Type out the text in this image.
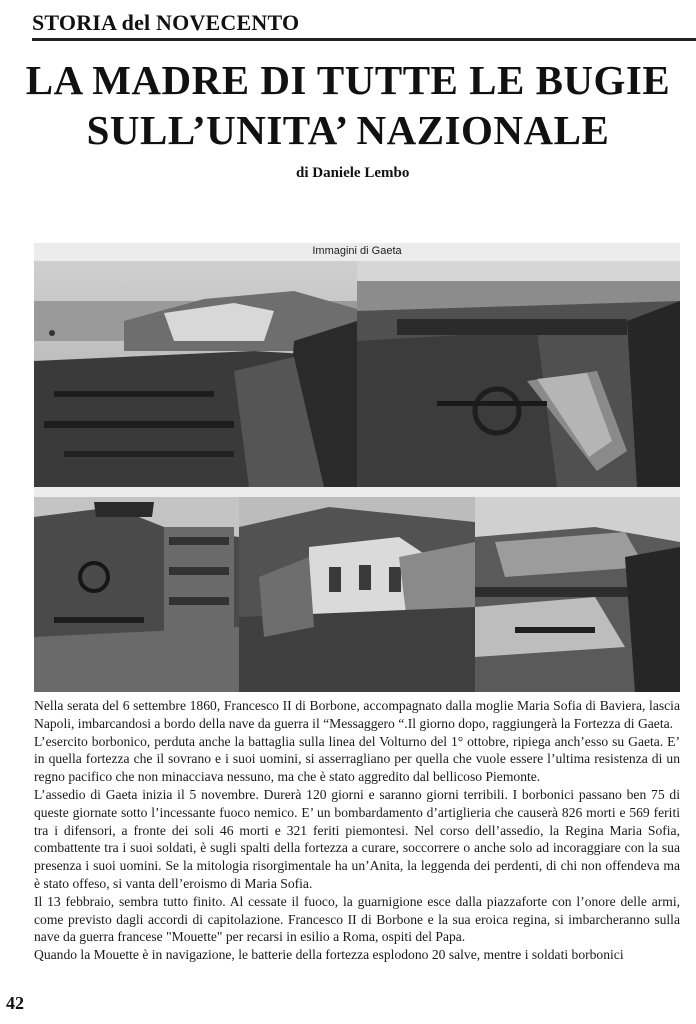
STORIA del NOVECENTO
LA MADRE DI TUTTE LE BUGIE
SULL’UNITA’ NAZIONALE
di Daniele Lembo
Immagini di Gaeta

Nella serata del 6 settembre 1860, Francesco II di Borbone, accompagnato dalla moglie Maria Sofia di Baviera, lascia Napoli, imbarcandosi a bordo della nave da guerra il “Messaggero “.Il giorno dopo, raggiungerà la Fortezza di Gaeta.

L’esercito borbonico, perduta anche la battaglia sulla linea del Volturno del 1° ottobre, ripiega anch’esso su Gaeta. E’ in quella fortezza che il sovrano e i suoi uomini, si asserragliano per quella che vuole essere l’ultima resistenza di un regno pacifico che non minacciava nessuno, ma che è stato aggredito dal bellicoso Piemonte.

L’assedio di Gaeta inizia il 5 novembre. Durerà 120 giorni e saranno giorni terribili. I borbonici passano ben 75 di queste giornate sotto l’incessante fuoco nemico. E’ un bombardamento d’artiglieria che causerà 826 morti e 569 feriti tra i difensori, a fronte dei soli 46 morti e 321 feriti piemontesi. Nel corso dell’assedio, la Regina Maria Sofia, combattente tra i suoi soldati, è sugli spalti della fortezza a curare, soccorrere o anche solo ad incoraggiare con la sua presenza i suoi uomini. Se la mitologia risorgimentale ha un’Anita, la leggenda dei perdenti, di chi non offendeva ma è stato offeso, si vanta dell’eroismo di Maria Sofia.

Il 13 febbraio, sembra tutto finito. Al cessate il fuoco, la guarnigione esce dalla piazzaforte con l’onore delle armi, come previsto dagli accordi di capitolazione. Francesco II di Borbone e la sua eroica regina, si imbarcheranno sulla nave da guerra francese "Mouette" per recarsi in esilio a Roma, ospiti del Papa.

Quando la Mouette è in navigazione, le batterie della fortezza esplodono 20 salve, mentre i soldati borbonici

42
